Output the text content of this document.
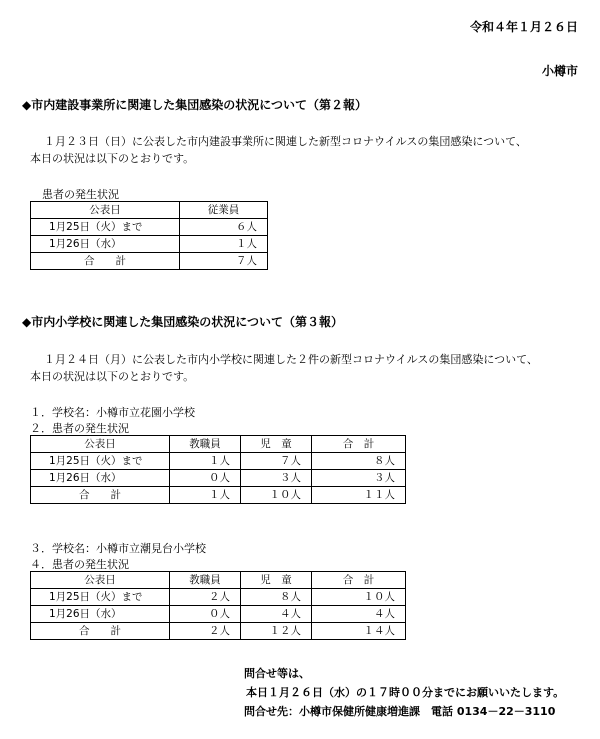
令和４年１月２６日
小樽市
◆市内建設事業所に関連した集団感染の状況について（第２報）
１月２３日（日）に公表した市内建設事業所に関連した新型コロナウイルスの集団感染について、
本日の状況は以下のとおりです。
患者の発生状況
公表日	従業員
1月25日（火）まで	６人
1月26日（水）	１人
合　　計	７人
◆市内小学校に関連した集団感染の状況について（第３報）
１月２４日（月）に公表した市内小学校に関連した２件の新型コロナウイルスの集団感染について、
本日の状況は以下のとおりです。
１．学校名：小樽市立花園小学校
２．患者の発生状況
公表日	教職員	児　童	合　計
1月25日（火）まで	１人	７人	８人
1月26日（水）	０人	３人	３人
合　　計	１人	１０人	１１人
３．学校名：小樽市立潮見台小学校
４．患者の発生状況
公表日	教職員	児　童	合　計
1月25日（火）まで	２人	８人	１０人
1月26日（水）	０人	４人	４人
合　　計	２人	１２人	１４人
問合せ等は、
本日１月２６日（水）の１７時００分までにお願いいたします。
問合せ先：小樽市保健所健康増進課　電話 0134－22－3110
